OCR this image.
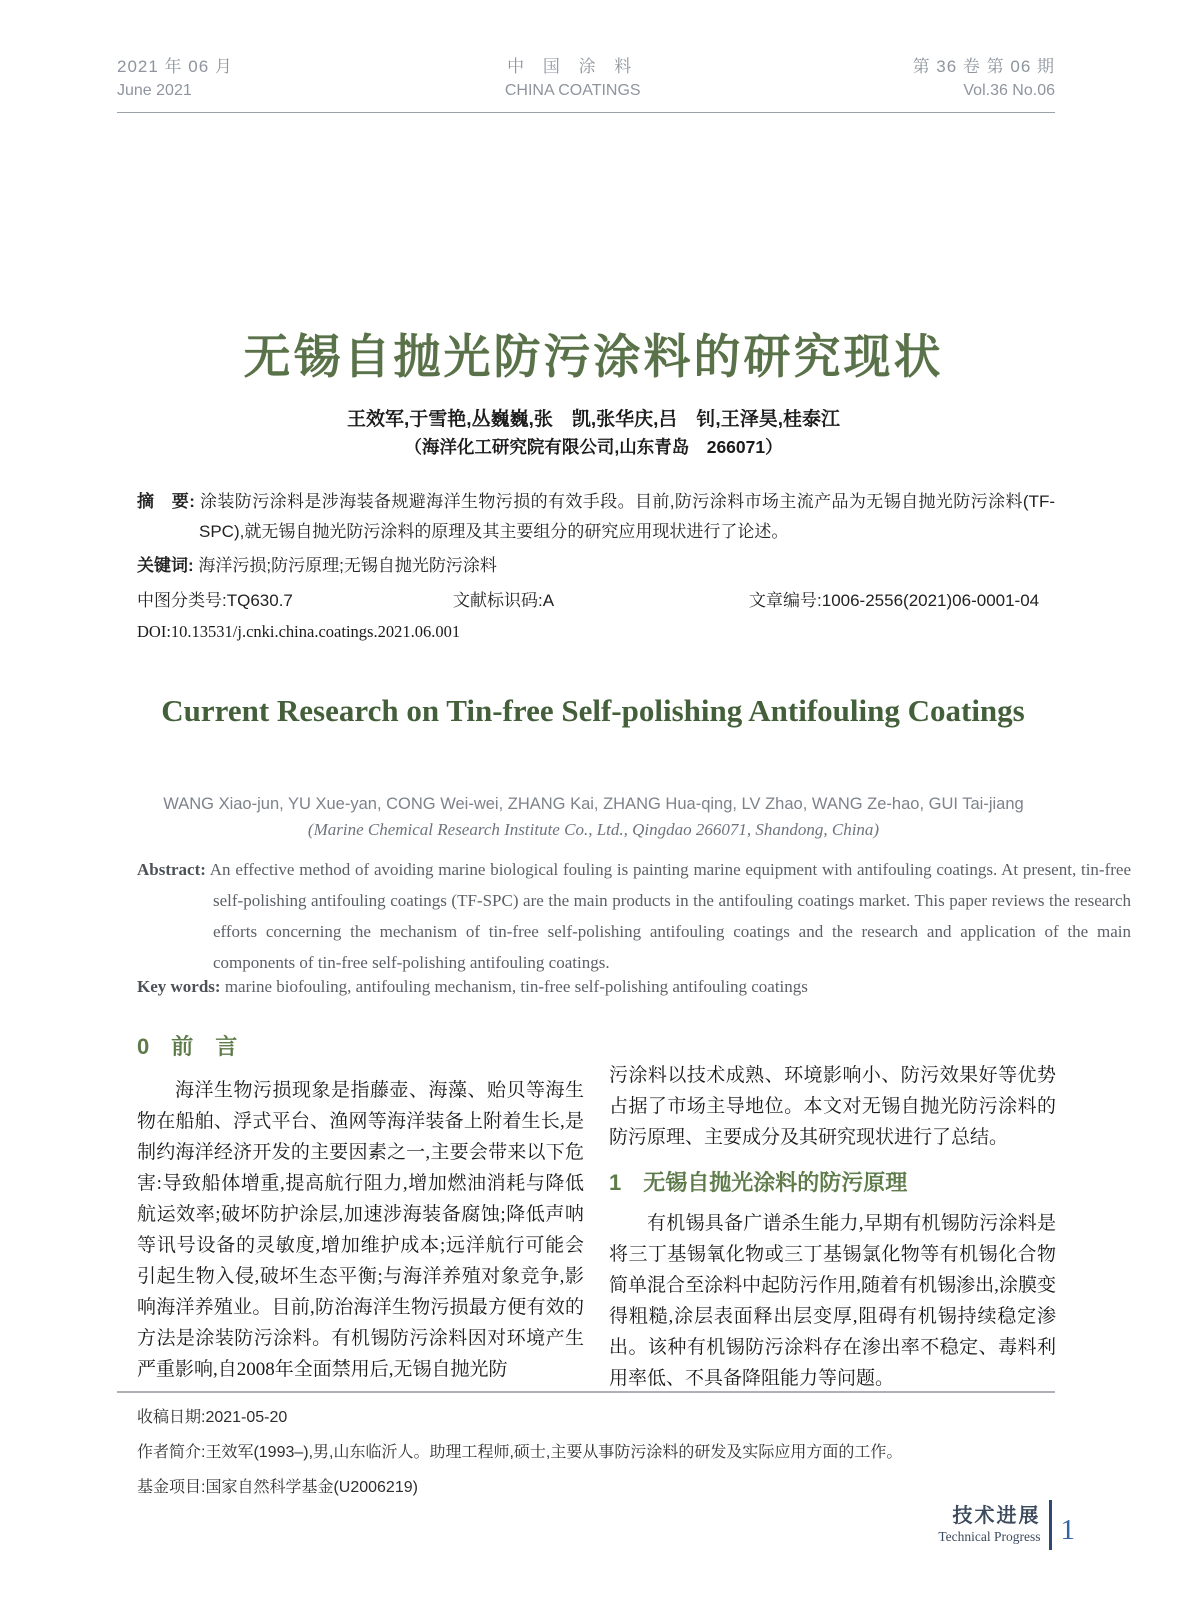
2021 年 06 月
June 2021
中 国 涂 料
CHINA COATINGS
第 36 卷 第 06 期
Vol.36 No.06
无锡自抛光防污涂料的研究现状
王效军,于雪艳,丛巍巍,张　凯,张华庆,吕　钊,王泽昊,桂泰江
（海洋化工研究院有限公司,山东青岛　266071）
摘　要: 涂装防污涂料是涉海装备规避海洋生物污损的有效手段。目前,防污涂料市场主流产品为无锡自抛光防污涂料(TF-SPC),就无锡自抛光防污涂料的原理及其主要组分的研究应用现状进行了论述。
关键词: 海洋污损;防污原理;无锡自抛光防污涂料
中图分类号:TQ630.7	文献标识码:A	文章编号:1006-2556(2021)06-0001-04
DOI:10.13531/j.cnki.china.coatings.2021.06.001
Current Research on Tin-free Self-polishing Antifouling Coatings
WANG Xiao-jun, YU Xue-yan, CONG Wei-wei, ZHANG Kai, ZHANG Hua-qing, LV Zhao, WANG Ze-hao, GUI Tai-jiang
(Marine Chemical Research Institute Co., Ltd., Qingdao 266071, Shandong, China)
Abstract: An effective method of avoiding marine biological fouling is painting marine equipment with antifouling coatings. At present, tin-free self-polishing antifouling coatings (TF-SPC) are the main products in the antifouling coatings market. This paper reviews the research efforts concerning the mechanism of tin-free self-polishing antifouling coatings and the research and application of the main components of tin-free self-polishing antifouling coatings.
Key words: marine biofouling, antifouling mechanism, tin-free self-polishing antifouling coatings
0　前　言

海洋生物污损现象是指藤壶、海藻、贻贝等海生物在船舶、浮式平台、渔网等海洋装备上附着生长,是制约海洋经济开发的主要因素之一,主要会带来以下危害:导致船体增重,提高航行阻力,增加燃油消耗与降低航运效率;破坏防护涂层,加速涉海装备腐蚀;降低声呐等讯号设备的灵敏度,增加维护成本;远洋航行可能会引起生物入侵,破坏生态平衡;与海洋养殖对象竞争,影响海洋养殖业。目前,防治海洋生物污损最方便有效的方法是涂装防污涂料。有机锡防污涂料因对环境产生严重影响,自2008年全面禁用后,无锡自抛光防

污涂料以技术成熟、环境影响小、防污效果好等优势占据了市场主导地位。本文对无锡自抛光防污涂料的防污原理、主要成分及其研究现状进行了总结。

1　无锡自抛光涂料的防污原理

有机锡具备广谱杀生能力,早期有机锡防污涂料是将三丁基锡氧化物或三丁基锡氯化物等有机锡化合物简单混合至涂料中起防污作用,随着有机锡渗出,涂膜变得粗糙,涂层表面释出层变厚,阻碍有机锡持续稳定渗出。该种有机锡防污涂料存在渗出率不稳定、毒料利用率低、不具备降阻能力等问题。

收稿日期:2021-05-20
作者简介:王效军(1993–),男,山东临沂人。助理工程师,硕士,主要从事防污涂料的研发及实际应用方面的工作。
基金项目:国家自然科学基金(U2006219)
技术进展
Technical Progress 1
